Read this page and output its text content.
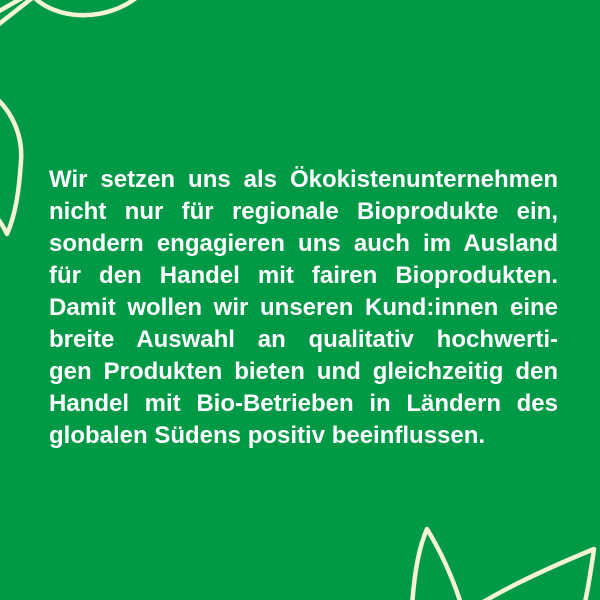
Wir setzen uns als Ökokistenunternehmen
nicht nur für regionale Bioprodukte ein,
sondern engagieren uns auch im Ausland
für den Handel mit fairen Bioprodukten.
Damit wollen wir unseren Kund:innen eine
breite Auswahl an qualitativ hochwerti-
gen Produkten bieten und gleichzeitig den
Handel mit Bio-Betrieben in Ländern des
globalen Südens positiv beeinflussen.
